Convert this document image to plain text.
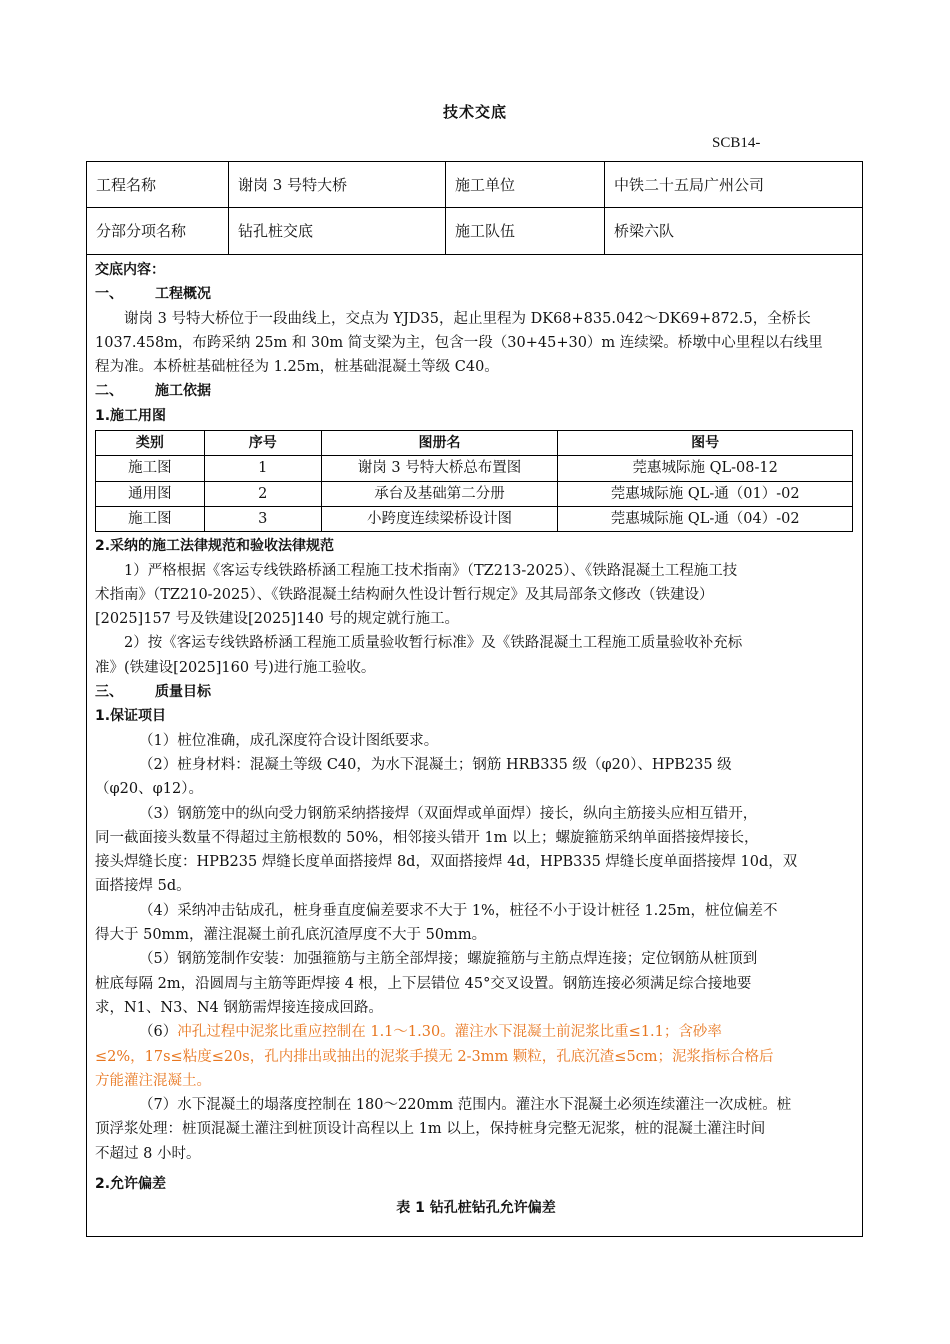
技术交底
SCB14-
工程名称	谢岗 3 号特大桥	施工单位	中铁二十五局广州公司
分部分项名称	钻孔桩交底	施工队伍	桥梁六队
交底内容：
一、 工程概况
谢岗 3 号特大桥位于一段曲线上，交点为 YJD35，起止里程为 DK68+835.042～DK69+872.5，全桥长
1037.458m，布跨采纳 25m 和 30m 简支梁为主，包含一段（30+45+30）m 连续梁。桥墩中心里程以右线里
程为准。本桥桩基础桩径为 1.25m，桩基础混凝土等级 C40。
二、 施工依据
1.施工用图
类别	序号	图册名	图号
施工图	1	谢岗 3 号特大桥总布置图	莞惠城际施 QL-08-12
通用图	2	承台及基础第二分册	莞惠城际施 QL-通（01）-02
施工图	3	小跨度连续梁桥设计图	莞惠城际施 QL-通（04）-02
2.采纳的施工法律规范和验收法律规范
1）严格根据《客运专线铁路桥涵工程施工技术指南》（TZ213-2025）、《铁路混凝土工程施工技
术指南》（TZ210-2025）、《铁路混凝土结构耐久性设计暂行规定》及其局部条文修改（铁建设）
[2025]157 号及铁建设[2025]140 号的规定就行施工。
2）按《客运专线铁路桥涵工程施工质量验收暂行标准》及《铁路混凝土工程施工质量验收补充标
准》(铁建设[2025]160 号)进行施工验收。
三、 质量目标
1.保证项目
（1）桩位准确，成孔深度符合设计图纸要求。
（2）桩身材料：混凝土等级 C40，为水下混凝土；钢筋 HRB335 级（φ20）、HPB235 级
（φ20、φ12）。
（3）钢筋笼中的纵向受力钢筋采纳搭接焊（双面焊或单面焊）接长，纵向主筋接头应相互错开，
同一截面接头数量不得超过主筋根数的 50%，相邻接头错开 1m 以上；螺旋箍筋采纳单面搭接焊接长，
接头焊缝长度：HPB235 焊缝长度单面搭接焊 8d，双面搭接焊 4d，HPB335 焊缝长度单面搭接焊 10d，双
面搭接焊 5d。
（4）采纳冲击钻成孔，桩身垂直度偏差要求不大于 1%，桩径不小于设计桩径 1.25m，桩位偏差不
得大于 50mm，灌注混凝土前孔底沉渣厚度不大于 50mm。
（5）钢筋笼制作安装：加强箍筋与主筋全部焊接；螺旋箍筋与主筋点焊连接；定位钢筋从桩顶到
桩底每隔 2m，沿圆周与主筋等距焊接 4 根，上下层错位 45°交叉设置。钢筋连接必须满足综合接地要
求，N1、N3、N4 钢筋需焊接连接成回路。
（6）冲孔过程中泥浆比重应控制在 1.1～1.30。灌注水下混凝土前泥浆比重≤1.1；含砂率
≤2%，17s≤粘度≤20s，孔内排出或抽出的泥浆手摸无 2-3mm 颗粒，孔底沉渣≤5cm；泥浆指标合格后
方能灌注混凝土。
（7）水下混凝土的塌落度控制在 180～220mm 范围内。灌注水下混凝土必须连续灌注一次成桩。桩
顶浮浆处理：桩顶混凝土灌注到桩顶设计高程以上 1m 以上，保持桩身完整无泥浆，桩的混凝土灌注时间
不超过 8 小时。
2.允许偏差
表 1 钻孔桩钻孔允许偏差
